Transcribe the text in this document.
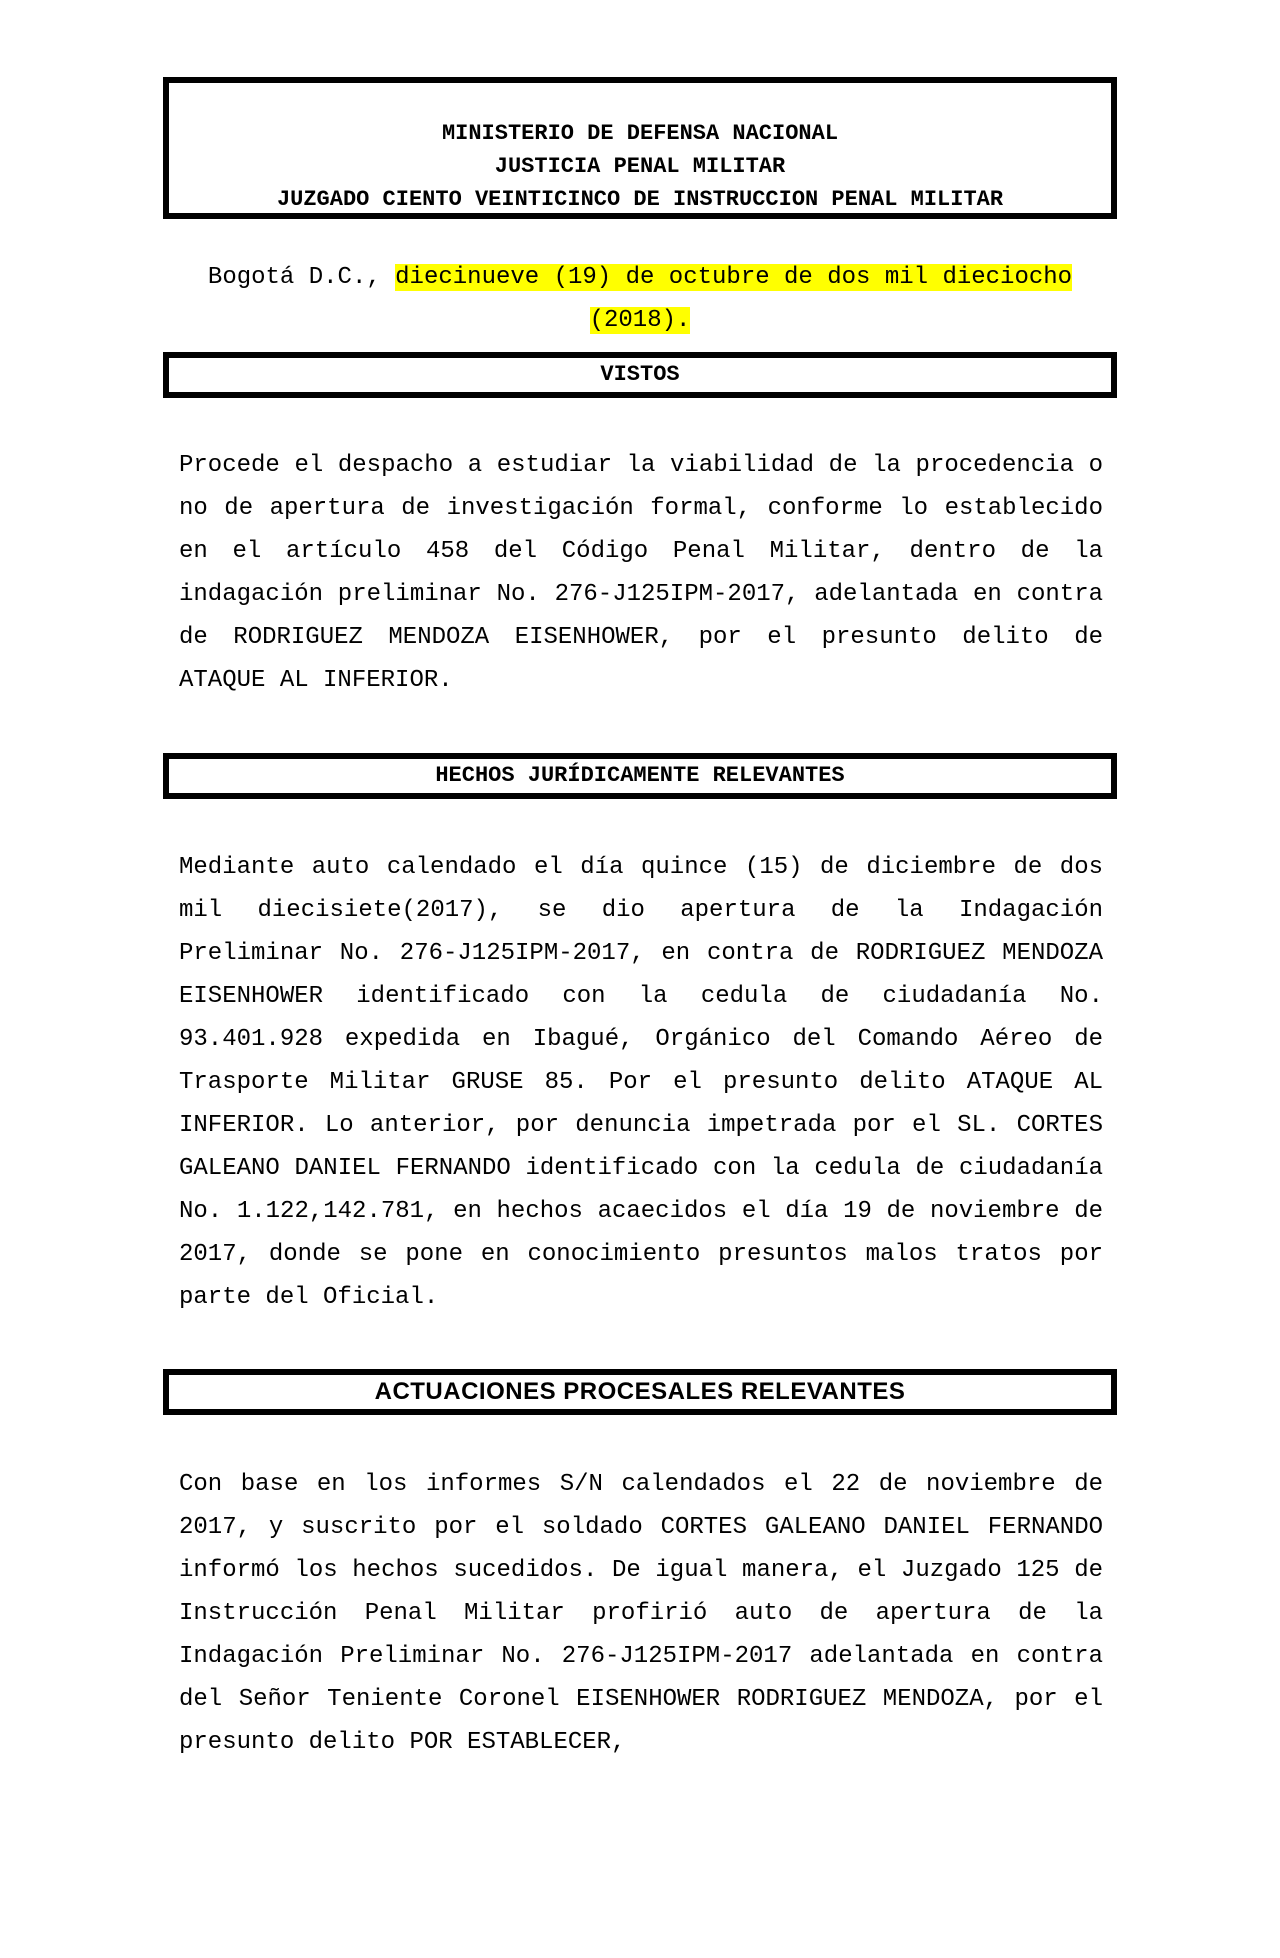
MINISTERIO DE DEFENSA NACIONAL
JUSTICIA PENAL MILITAR
JUZGADO CIENTO VEINTICINCO DE INSTRUCCION PENAL MILITAR
Bogotá D.C., diecinueve (19) de octubre de dos mil dieciocho
(2018).
VISTOS

Procede el despacho a estudiar la viabilidad de la procedencia o no de apertura de investigación formal, conforme lo establecido en el artículo 458 del Código Penal Militar, dentro de la indagación preliminar No. 276-J125IPM-2017, adelantada en contra de RODRIGUEZ MENDOZA EISENHOWER, por el presunto delito de ATAQUE AL INFERIOR.

HECHOS JURÍDICAMENTE RELEVANTES

Mediante auto calendado el día quince (15) de diciembre de dos mil diecisiete(2017), se dio apertura de la Indagación Preliminar No. 276-J125IPM-2017, en contra de RODRIGUEZ MENDOZA EISENHOWER identificado con la cedula de ciudadanía No. 93.401.928 expedida en Ibagué, Orgánico del Comando Aéreo de Trasporte Militar GRUSE 85. Por el presunto delito ATAQUE AL INFERIOR. Lo anterior, por denuncia impetrada por el SL. CORTES GALEANO DANIEL FERNANDO identificado con la cedula de ciudadanía No. 1.122,142.781, en hechos acaecidos el día 19 de noviembre de 2017, donde se pone en conocimiento presuntos malos tratos por parte del Oficial.

ACTUACIONES PROCESALES RELEVANTES

Con base en los informes S/N calendados el 22 de noviembre de 2017, y suscrito por el soldado CORTES GALEANO DANIEL FERNANDO informó los hechos sucedidos. De igual manera, el Juzgado 125 de Instrucción Penal Militar profirió auto de apertura de la Indagación Preliminar No. 276-J125IPM-2017 adelantada en contra del Señor Teniente Coronel EISENHOWER RODRIGUEZ MENDOZA, por el presunto delito POR ESTABLECER,
